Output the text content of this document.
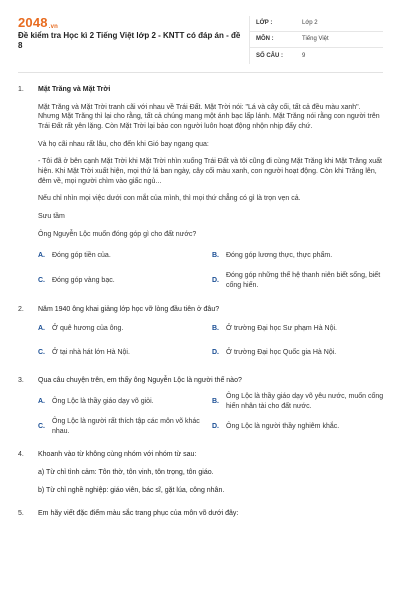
2048.vn
Đề kiểm tra Học kì 2 Tiếng Việt lớp 2 - KNTT có đáp án - đề 8
LỚP :	Lớp 2
MÔN :	Tiếng Việt
SỐ CÂU :	9
1.	Mặt Trăng và Mặt Trời

Mặt Trăng và Mặt Trời tranh cãi với nhau về Trái Đất. Mặt Trời nói: "Lá và cây cối, tất cả đều màu xanh". Nhưng Mặt Trăng thì lại cho rằng, tất cả chúng mang một ánh bạc lấp lánh. Mặt Trăng nói rằng con người trên Trái Đất rất yên lặng. Còn Mặt Trời lại bảo con người luôn hoạt động nhộn nhịp đấy chứ.

Và họ cãi nhau rất lâu, cho đến khi Gió bay ngang qua:

- Tôi đã ở bên cạnh Mặt Trời khi Mặt Trời nhìn xuống Trái Đất và tôi cũng đi cùng Mặt Trăng khi Mặt Trăng xuất hiện. Khi Mặt Trời xuất hiện, mọi thứ lá ban ngày, cây cối màu xanh, con người hoạt động. Còn khi Trăng lên, đêm về, mọi người chìm vào giấc ngủ...

Nếu chỉ nhìn mọi việc dưới con mắt của mình, thì mọi thứ chẳng có gì là trọn vẹn cả.

Sưu tầm

Ông Nguyễn Lộc muốn đóng góp gì cho đất nước?

A.	Đóng góp tiền của.	B.	Đóng góp lương thực, thực phẩm.
C.	Đóng góp vàng bạc.	D.
Đóng góp những thế hệ thanh niên biết sống, biết cống hiến.
2.	Năm 1940 ông khai giảng lớp học vỡ lòng đầu tiên ở đâu?
A.	Ở quê hương của ông.	B.	Ở trường Đại học Sư phạm Hà Nội.
C.	Ở tại nhà hát lớn Hà Nội.	D.	Ở trường Đại học Quốc gia Hà Nội.
3.	Qua câu chuyện trên, em thấy ông Nguyễn Lộc là người thế nào?
A.	Ông Lộc là thầy giáo dạy võ giỏi.	B.
Ông Lộc là thầy giáo dạy võ yêu nước, muốn cống hiến nhân tài cho đất nước.
C.
Ông Lộc là người rất thích tập các môn võ khác nhau.
D.	Ông Lộc là người thầy nghiêm khắc.
4.	Khoanh vào từ không cùng nhóm với nhóm từ sau:

a) Từ chỉ tình cảm: Tôn thờ, tôn vinh, tôn trọng, tôn giáo.

b) Từ chỉ nghề nghiệp: giáo viên, bác sĩ, gặt lúa, công nhân.

5.	Em hãy viết đặc điểm màu sắc trang phục của môn võ dưới đây:
